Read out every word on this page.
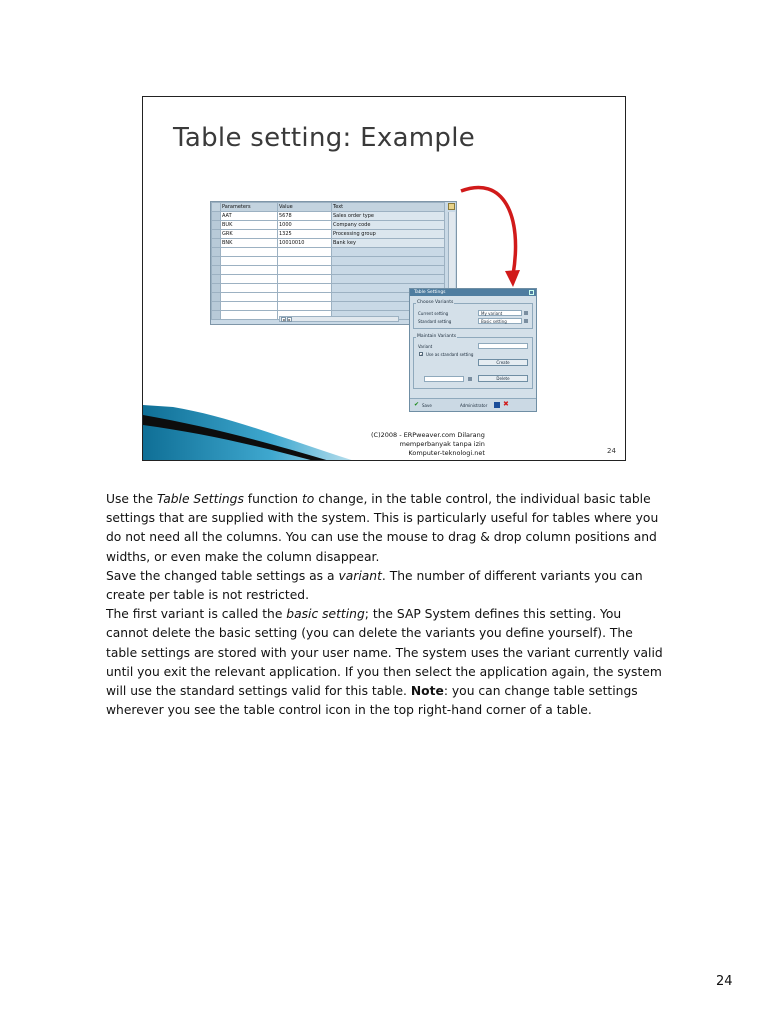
Table setting: Example
	Parameters	Value	Text
	AAT	5678	Sales order type
	BUK	1000	Company code
	GRK	1325	Processing group
	BNK	10010010	Bank key

◂ ▸
Table Settings
Choose Variants
Current setting	My variant
Standard setting	Basic setting
Maintain Variants
Variant
✓ Use as standard setting
Create
Delete
✔ Save	Administrator ✖
(C)2008 - ERPweaver.com Dilarang
memperbanyak tanpa izin
Komputer-teknologi.net	24

Use the Table Settings function to change, in the table control, the individual basic table settings that are supplied with the system. This is particularly useful for tables where you do not need all the columns. You can use the mouse to drag & drop column positions and widths, or even make the column disappear.

Save the changed table settings as a variant. The number of different variants you can create per table is not restricted.

The first variant is called the basic setting; the SAP System defines this setting. You cannot delete the basic setting (you can delete the variants you define yourself). The table settings are stored with your user name. The system uses the variant currently valid until you exit the relevant application. If you then select the application again, the system will use the standard settings valid for this table. Note: you can change table settings wherever you see the table control icon in the top right-hand corner of a table.

24
